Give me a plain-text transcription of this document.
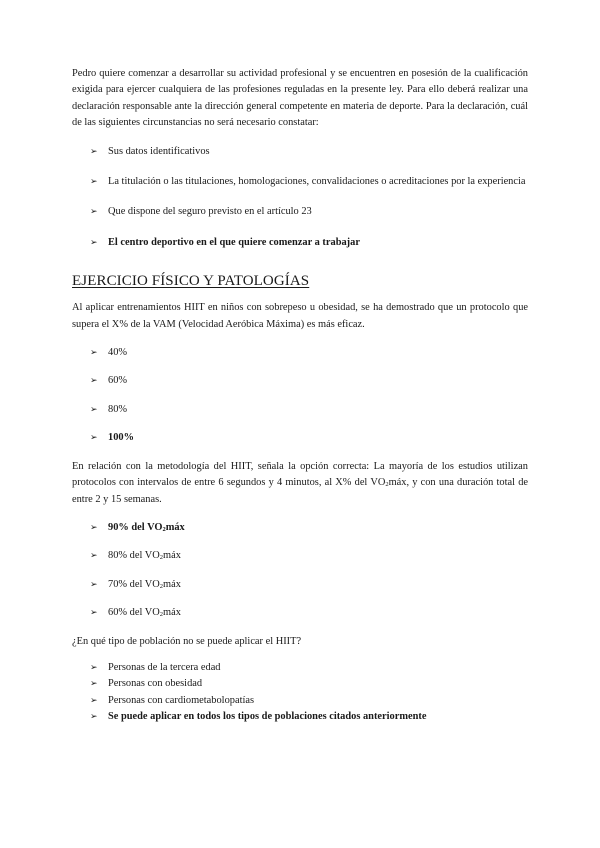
Pedro quiere comenzar a desarrollar su actividad profesional y se encuentren en posesión de la cualificación exigida para ejercer cualquiera de las profesiones reguladas en la presente ley. Para ello deberá realizar una declaración responsable ante la dirección general competente en materia de deporte. Para la declaración, cuál de las siguientes circunstancias no será necesario constatar:

➢ Sus datos identificativos
➢ La titulación o las titulaciones, homologaciones, convalidaciones o acreditaciones por la experiencia
➢ Que dispone del seguro previsto en el artículo 23
➢ El centro deportivo en el que quiere comenzar a trabajar
EJERCICIO FÍSICO Y PATOLOGÍAS

Al aplicar entrenamientos HIIT en niños con sobrepeso u obesidad, se ha demostrado que un protocolo que supera el X% de la VAM (Velocidad Aeróbica Máxima) es más eficaz.

➢ 40%
➢ 60%
➢ 80%
➢ 100%

En relación con la metodología del HIIT, señala la opción correcta: La mayoría de los estudios utilizan protocolos con intervalos de entre 6 segundos y 4 minutos, al X% del $VO_2máx$, y con una duración total de entre 2 y 15 semanas.

➢ 90% del $VO_2máx$
➢ 80% del $VO_2máx$
➢ 70% del $VO_2máx$
➢ 60% del $VO_2máx$

¿En qué tipo de población no se puede aplicar el HIIT?

➢ Personas de la tercera edad
➢ Personas con obesidad
➢ Personas con cardiometabolopatías
➢ Se puede aplicar en todos los tipos de poblaciones citados anteriormente
